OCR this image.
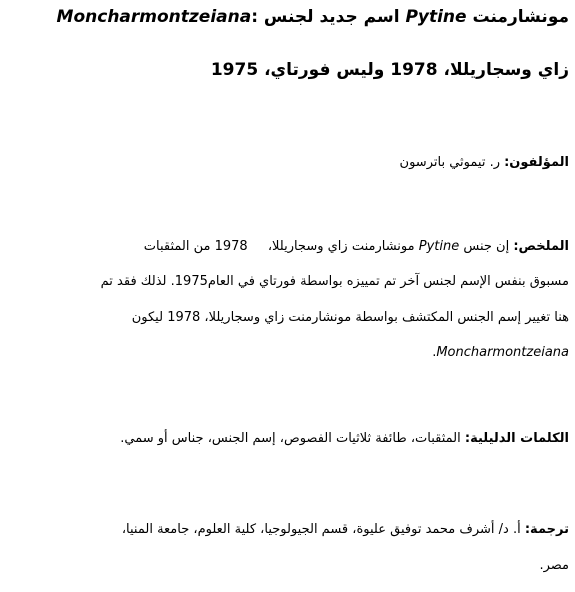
Moncharmontzeiana: اسم جديد لجنس Pytine مونشارمنت
زاي وسجاريللا، 1978 وليس فورتاي، 1975
المؤلفون: ر. تيموثي باترسون
الملخص: إن جنس Pytine مونشارمنت زاي وسجاريللا، 1978 من المثقبات
مسبوق بنفس الإسم لجنس آخر تم تمييزه بواسطة فورتاي في العام1975. لذلك فقد تم
هنا تغيير إسم الجنس المكتشف بواسطة مونشارمنت زاي وسجاريللا، 1978 ليكون
Moncharmontzeiana.
الكلمات الدليلية: المثقبات، طائفة ثلاثيات الفصوص، إسم الجنس، جناس أو سمي.
ترجمة: أ. د/ أشرف محمد توفيق عليوة، قسم الجيولوجيا، كلية العلوم، جامعة المنيا،
مصر.
